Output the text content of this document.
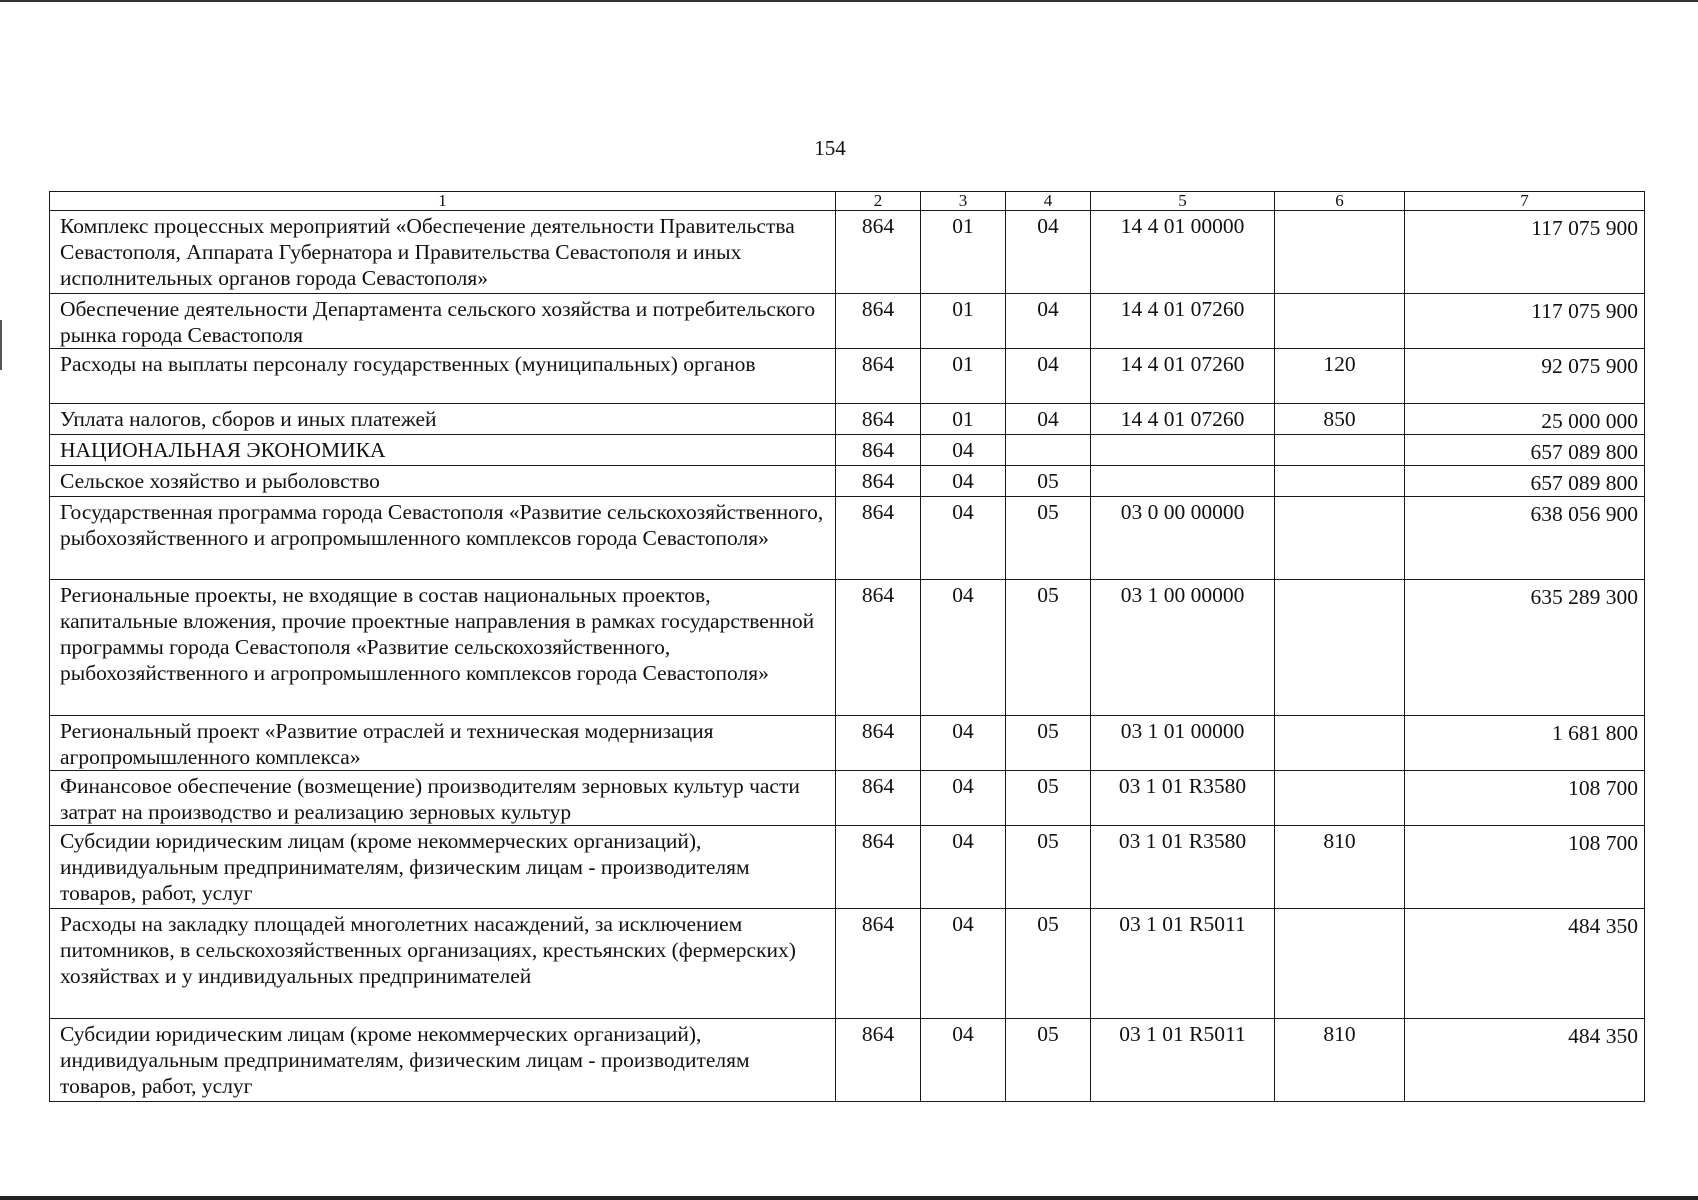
154
1	2	3	4	5	6	7
Комплекс процессных мероприятий «Обеспечение деятельности Правительства Севастополя, Аппарата Губернатора и Правительства Севастополя и иных исполнительных органов города Севастополя»	864	01	04	14 4 01 00000		117 075 900
Обеспечение деятельности Департамента сельского хозяйства и потребительского рынка города Севастополя	864	01	04	14 4 01 07260		117 075 900
Расходы на выплаты персоналу государственных (муниципальных) органов	864	01	04	14 4 01 07260	120	92 075 900
Уплата налогов, сборов и иных платежей	864	01	04	14 4 01 07260	850	25 000 000
НАЦИОНАЛЬНАЯ ЭКОНОМИКА	864	04				657 089 800
Сельское хозяйство и рыболовство	864	04	05			657 089 800
Государственная программа города Севастополя «Развитие сельскохозяйственного, рыбохозяйственного и агропромышленного комплексов города Севастополя»	864	04	05	03 0 00 00000		638 056 900
Региональные проекты, не входящие в состав национальных проектов, капитальные вложения, прочие проектные направления в рамках государственной программы города Севастополя «Развитие сельскохозяйственного, рыбохозяйственного и агропромышленного комплексов города Севастополя»	864	04	05	03 1 00 00000		635 289 300
Региональный проект «Развитие отраслей и техническая модернизация агропромышленного комплекса»	864	04	05	03 1 01 00000		1 681 800
Финансовое обеспечение (возмещение) производителям зерновых культур части затрат на производство и реализацию зерновых культур	864	04	05	03 1 01 R3580		108 700
Субсидии юридическим лицам (кроме некоммерческих организаций), индивидуальным предпринимателям, физическим лицам - производителям товаров, работ, услуг	864	04	05	03 1 01 R3580	810	108 700
Расходы на закладку площадей многолетних насаждений, за исключением питомников, в сельскохозяйственных организациях, крестьянских (фермерских) хозяйствах и у индивидуальных предпринимателей	864	04	05	03 1 01 R5011		484 350
Субсидии юридическим лицам (кроме некоммерческих организаций), индивидуальным предпринимателям, физическим лицам - производителям товаров, работ, услуг	864	04	05	03 1 01 R5011	810	484 350
